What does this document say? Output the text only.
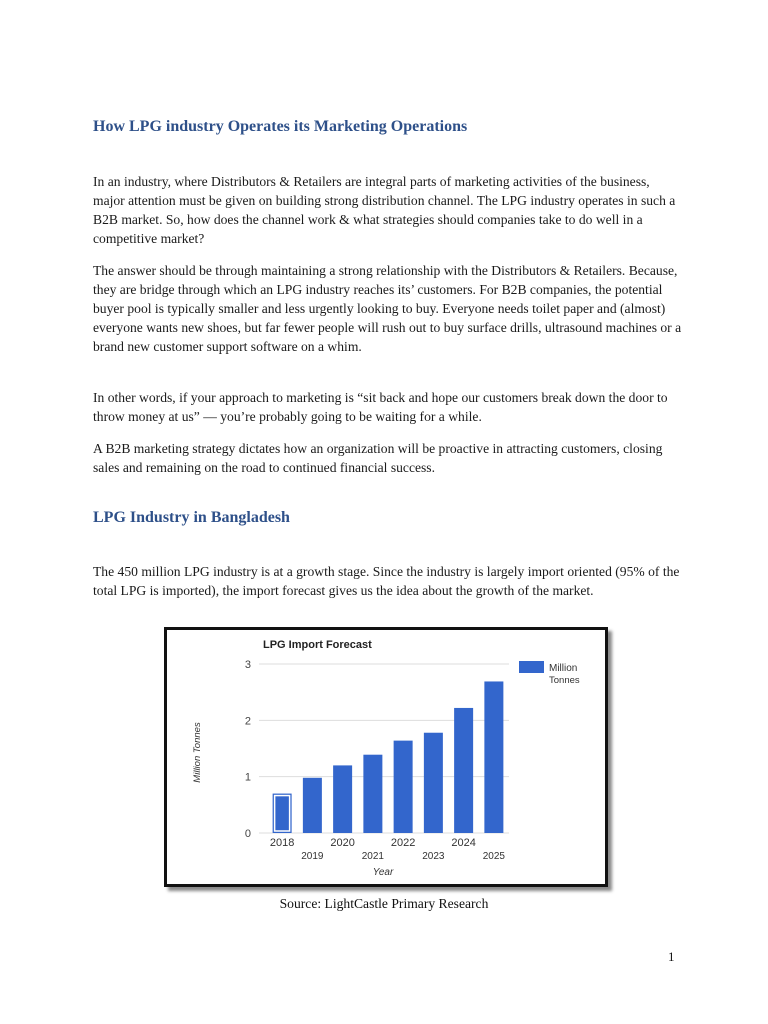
How LPG industry Operates its Marketing Operations

In an industry, where Distributors & Retailers are integral parts of marketing activities of the business, major attention must be given on building strong distribution channel. The LPG industry operates in such a B2B market. So, how does the channel work & what strategies should companies take to do well in a competitive market?

The answer should be through maintaining a strong relationship with the Distributors & Retailers. Because, they are bridge through which an LPG industry reaches its’ customers. For B2B companies, the potential buyer pool is typically smaller and less urgently looking to buy. Everyone needs toilet paper and (almost) everyone wants new shoes, but far fewer people will rush out to buy surface drills, ultrasound machines or a brand new customer support software on a whim.

In other words, if your approach to marketing is “sit back and hope our customers break down the door to throw money at us” — you’re probably going to be waiting for a while.

A B2B marketing strategy dictates how an organization will be proactive in attracting customers, closing sales and remaining on the road to continued financial success.

LPG Industry in Bangladesh

The 450 million LPG industry is at a growth stage. Since the industry is largely import oriented (95% of the total LPG is imported), the import forecast gives us the idea about the growth of the market.

LPG Import Forecast
0
1
2
3
Million Tonnes
2018
2019
2020
2021
2022
2023
2024
2025
Year
Million
Tonnes

Source: LightCastle Primary Research

1
